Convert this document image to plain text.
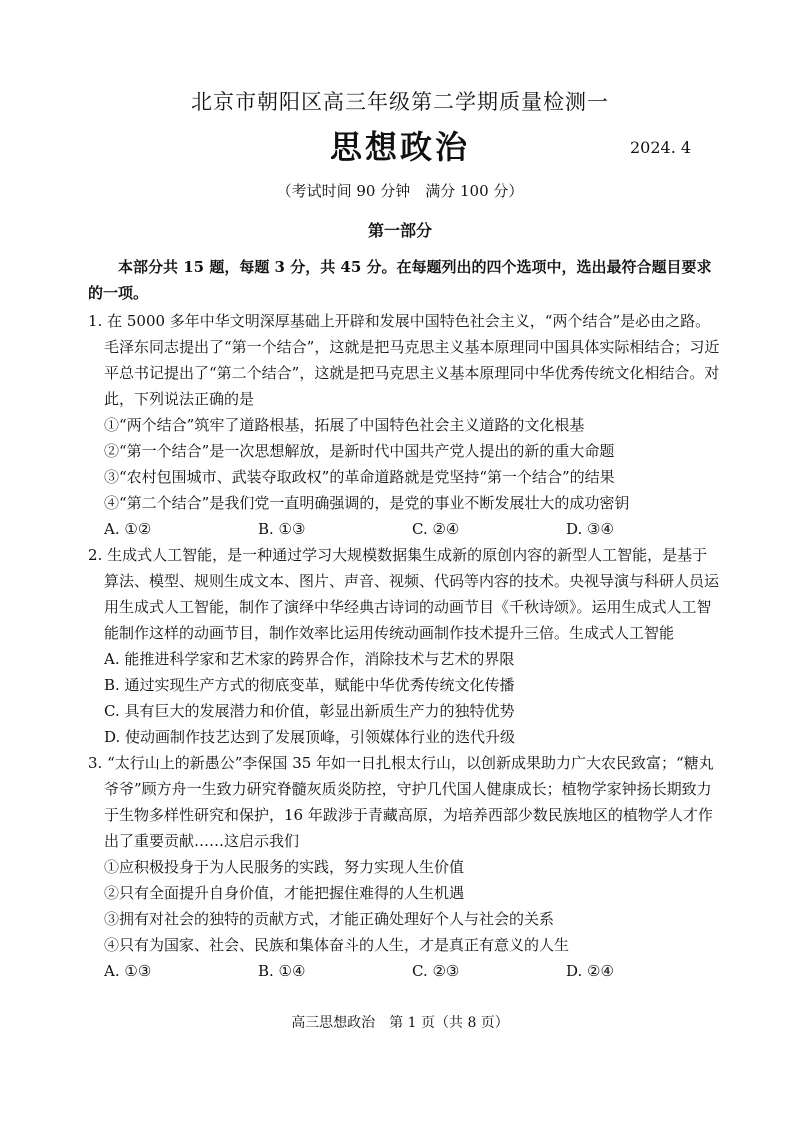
北京市朝阳区高三年级第二学期质量检测一
思想政治	2024. 4
（考试时间 90 分钟　满分 100 分）
第一部分

本部分共 15 题，每题 3 分，共 45 分。在每题列出的四个选项中，选出最符合题目要求的一项。

1. 在 5000 多年中华文明深厚基础上开辟和发展中国特色社会主义，“两个结合”是必由之路。毛泽东同志提出了“第一个结合”，这就是把马克思主义基本原理同中国具体实际相结合；习近平总书记提出了“第二个结合”，这就是把马克思主义基本原理同中华优秀传统文化相结合。对此，下列说法正确的是

①“两个结合”筑牢了道路根基，拓展了中国特色社会主义道路的文化根基

②“第一个结合”是一次思想解放，是新时代中国共产党人提出的新的重大命题

③“农村包围城市、武装夺取政权”的革命道路就是党坚持“第一个结合”的结果

④“第二个结合”是我们党一直明确强调的，是党的事业不断发展壮大的成功密钥

A. ①②	B. ①③	C. ②④	D. ③④

2. 生成式人工智能，是一种通过学习大规模数据集生成新的原创内容的新型人工智能，是基于算法、模型、规则生成文本、图片、声音、视频、代码等内容的技术。央视导演与科研人员运用生成式人工智能，制作了演绎中华经典古诗词的动画节目《千秋诗颂》。运用生成式人工智能制作这样的动画节目，制作效率比运用传统动画制作技术提升三倍。生成式人工智能

A. 能推进科学家和艺术家的跨界合作，消除技术与艺术的界限

B. 通过实现生产方式的彻底变革，赋能中华优秀传统文化传播

C. 具有巨大的发展潜力和价值，彰显出新质生产力的独特优势

D. 使动画制作技艺达到了发展顶峰，引领媒体行业的迭代升级

3. “太行山上的新愚公”李保国 35 年如一日扎根太行山，以创新成果助力广大农民致富；“糖丸爷爷”顾方舟一生致力研究脊髓灰质炎防控，守护几代国人健康成长；植物学家钟扬长期致力于生物多样性研究和保护，16 年跋涉于青藏高原，为培养西部少数民族地区的植物学人才作出了重要贡献……这启示我们

①应积极投身于为人民服务的实践，努力实现人生价值

②只有全面提升自身价值，才能把握住难得的人生机遇

③拥有对社会的独特的贡献方式，才能正确处理好个人与社会的关系

④只有为国家、社会、民族和集体奋斗的人生，才是真正有意义的人生

A. ①③	B. ①④	C. ②③	D. ②④
高三思想政治　第 1 页（共 8 页）
